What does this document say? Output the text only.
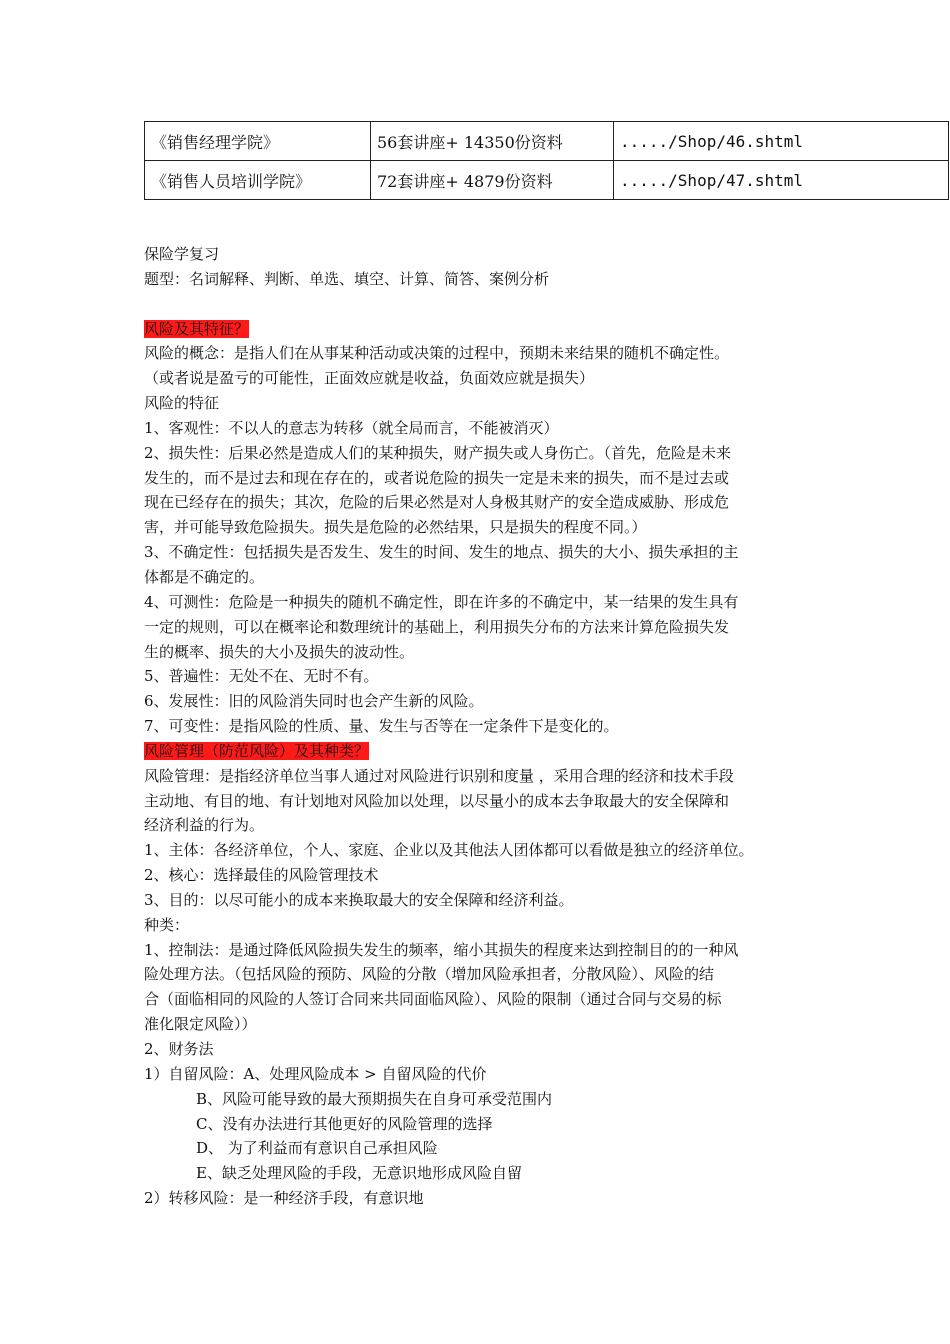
《销售经理学院》	56套讲座+ 14350份资料	...../Shop/46.shtml
《销售人员培训学院》	72套讲座+ 4879份资料	...../Shop/47.shtml
保险学复习
题型：名词解释、判断、单选、填空、计算、简答、案例分析
风险及其特征？
风险的概念：是指人们在从事某种活动或决策的过程中，预期未来结果的随机不确定性。
（或者说是盈亏的可能性，正面效应就是收益，负面效应就是损失）
风险的特征
1、客观性：不以人的意志为转移（就全局而言，不能被消灭）
2、损失性：后果必然是造成人们的某种损失，财产损失或人身伤亡。（首先，危险是未来
发生的，而不是过去和现在存在的，或者说危险的损失一定是未来的损失，而不是过去或
现在已经存在的损失；其次，危险的后果必然是对人身极其财产的安全造成威胁、形成危
害，并可能导致危险损失。损失是危险的必然结果，只是损失的程度不同。）
3、不确定性：包括损失是否发生、发生的时间、发生的地点、损失的大小、损失承担的主
体都是不确定的。
4、可测性：危险是一种损失的随机不确定性，即在许多的不确定中，某一结果的发生具有
一定的规则，可以在概率论和数理统计的基础上，利用损失分布的方法来计算危险损失发
生的概率、损失的大小及损失的波动性。
5、普遍性：无处不在、无时不有。
6、发展性：旧的风险消失同时也会产生新的风险。
7、可变性：是指风险的性质、量、发生与否等在一定条件下是变化的。
风险管理（防范风险）及其种类？
风险管理：是指经济单位当事人通过对风险进行识别和度量 ，采用合理的经济和技术手段
主动地、有目的地、有计划地对风险加以处理，以尽量小的成本去争取最大的安全保障和
经济利益的行为。
1、主体：各经济单位，个人、家庭、企业以及其他法人团体都可以看做是独立的经济单位。
2、核心：选择最佳的风险管理技术
3、目的：以尽可能小的成本来换取最大的安全保障和经济利益。
种类：
1、控制法：是通过降低风险损失发生的频率，缩小其损失的程度来达到控制目的的一种风
险处理方法。（包括风险的预防、风险的分散（增加风险承担者，分散风险）、风险的结
合（面临相同的风险的人签订合同来共同面临风险）、风险的限制（通过合同与交易的标
准化限定风险））
2、财务法
1）自留风险：A、处理风险成本 > 自留风险的代价
B、风险可能导致的最大预期损失在自身可承受范围内
C、没有办法进行其他更好的风险管理的选择
D、 为了利益而有意识自己承担风险
E、缺乏处理风险的手段，无意识地形成风险自留
2）转移风险：是一种经济手段，有意识地
